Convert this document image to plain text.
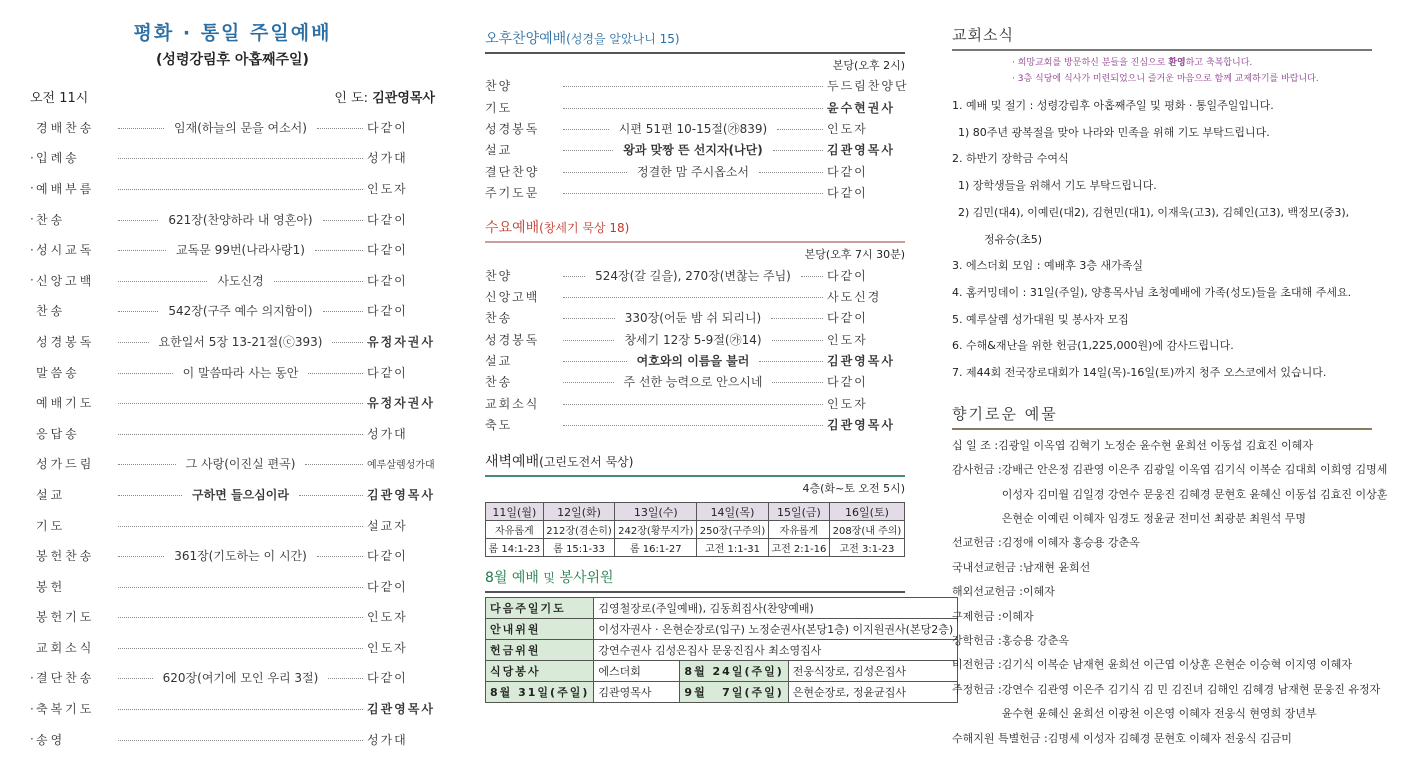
평화 · 통일 주일예배
(성령강림후 아홉째주일)
오전 11시	인 도: 김관영목사
경배찬송	임재(하늘의 문을 여소서)	다같이
· 입례송	성가대
· 예배부름	인도자
· 찬송	621장(찬양하라 내 영혼아)	다같이
· 성시교독	교독문 99번(나라사랑1)	다같이
· 신앙고백	사도신경	다같이
찬송	542장(구주 예수 의지함이)	다같이
성경봉독	요한일서 5장 13-21절(ⓒ393)	유정자권사
말씀송	이 말씀따라 사는 동안	다같이
예배기도	유정자권사
응답송	성가대
성가드림	그 사랑(이진실 편곡)	예루살렘성가대
설교	구하면 들으심이라	김관영목사
기도	설교자
봉헌찬송	361장(기도하는 이 시간)	다같이
봉헌	다같이
봉헌기도	인도자
교회소식	인도자
· 결단찬송	620장(여기에 모인 우리 3절)	다같이
· 축복기도	김관영목사
· 송영	성가대
오후찬양예배(성경을 알았나니 15)
본당(오후 2시)
찬양	두드림찬양단
기도	윤수현권사
성경봉독	시편 51편 10-15절(㉮839)	인도자
설교	왕과 맞짱 뜬 선지자(나단)	김관영목사
결단찬양	정결한 맘 주시옵소서	다같이
주기도문	다같이
수요예배(창세기 묵상 18)
본당(오후 7시 30분)
찬양	524장(갈 길을), 270장(변찮는 주님)	다같이
신앙고백	사도신경
찬송	330장(어둔 밤 쉬 되리니)	다같이
성경봉독	창세기 12장 5-9절(㉮14)	인도자
설교	여호와의 이름을 불러	김관영목사
찬송	주 선한 능력으로 안으시네	다같이
교회소식	인도자
축도	김관영목사
새벽예배(고린도전서 묵상)
4층(화~토 오전 5시)
11일(월)	12일(화)	13일(수)	14일(목)	15일(금)	16일(토)
자유롭게	212장(겸손히)	242장(황무지가)	250장(구주의)	자유롭게	208장(내 주의)
롬 14:1-23	롬 15:1-33	롬 16:1-27	고전 1:1-31	고전 2:1-16	고전 3:1-23
8월 예배 및 봉사위원
다음주일기도	김영철장로(주일예배), 김동희집사(찬양예배)		
안내위원	이성자권사 · 은현순장로(입구) 노정순권사(본당1층) 이지원권사(본당2층)		
헌금위원	강연수권사 김성은집사 문웅진집사 최소영집사		
식당봉사	에스더회	8월 24일(주일)	전웅식장로, 김성은집사
8월 31일(주일)	김관영목사	9월 7일(주일)	은현순장로, 정윤균집사
교회소식
· 희망교회를 방문하신 분들을 진심으로 환영하고 축복합니다.
· 3층 식당에 식사가 미련되었으니 즐거운 마음으로 함께 교제하기를 바랍니다.
1. 예배 및 절기 : 성령강림후 아홉째주일 및 평화 · 통일주일입니다.
1) 80주년 광복절을 맞아 나라와 민족을 위해 기도 부탁드립니다.
2. 하반기 장학금 수여식
1) 장학생들을 위해서 기도 부탁드립니다.
2) 김민(대4), 이예린(대2), 김현민(대1), 이재욱(고3), 김혜인(고3), 백정모(중3),
정유승(초5)
3. 에스더회 모임 : 예배후 3층 새가족실
4. 홈커밍데이 : 31일(주일), 양흥목사님 초청예배에 가족(성도)들을 초대해 주세요.
5. 예루살렘 성가대원 및 봉사자 모집
6. 수해&재난을 위한 헌금(1,225,000원)에 감사드립니다.
7. 제44회 전국장로대회가 14일(목)-16일(토)까지 청주 오스코에서 있습니다.
향기로운 예물
십 일 조 : 김광일 이옥엽 김혁기 노정순 윤수현 윤희선 이동섭 김효진 이혜자
감사헌금 : 강배근 안은정 김관영 이은주 김광일 이옥엽 김기식 이복순 김대희 이희영 김명세
이성자 김미월 김일경 강연수 문웅진 김혜경 문현호 윤혜신 이동섭 김효진 이상훈
은현순 이예린 이혜자 임경도 정윤균 전미선 최광분 최원석 무명
선교헌금 : 김정애 이혜자 홍승용 강춘옥
국내선교헌금 : 남재현 윤희선
해외선교헌금 : 이혜자
구제헌금 : 이혜자
장학헌금 : 홍승용 강춘옥
비전헌금 : 김기식 이복순 남재현 윤희선 이근엽 이상훈 은현순 이승혁 이지영 이혜자
주정헌금 : 강연수 김관영 이은주 김기식 김 민 김진녀 김해인 김혜경 남재현 문웅진 유정자
윤수현 윤혜신 윤희선 이광천 이은영 이혜자 전웅식 현영희 장년부
수해지원 특별헌금 : 김명세 이성자 김혜경 문현호 이혜자 전웅식 김금미
